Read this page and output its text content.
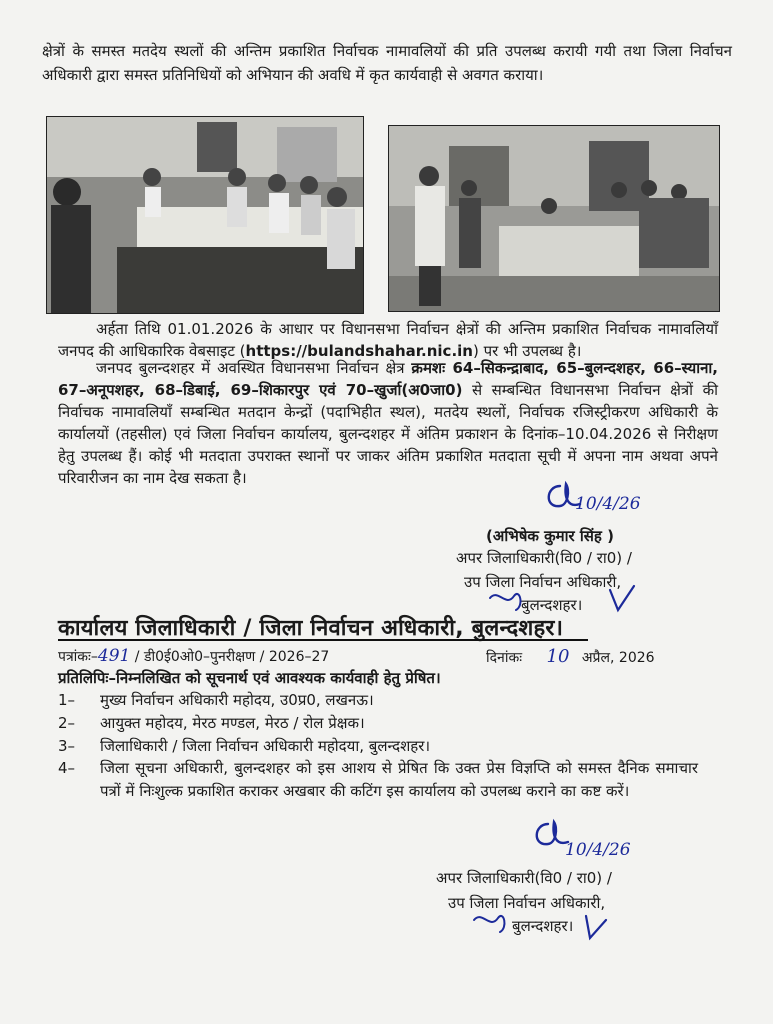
क्षेत्रों के समस्त मतदेय स्थलों की अन्तिम प्रकाशित निर्वाचक नामावलियों की प्रति उपलब्ध करायी गयी तथा जिला निर्वाचन अधिकारी द्वारा समस्त प्रतिनिधियों को अभियान की अवधि में कृत कार्यवाही से अवगत कराया।

अर्हता तिथि 01.01.2026 के आधार पर विधानसभा निर्वाचन क्षेत्रों की अन्तिम प्रकाशित निर्वाचक नामावलियाँ जनपद की आधिकारिक वेबसाइट (https://bulandshahar.nic.in) पर भी उपलब्ध है।

जनपद बुलन्दशहर में अवस्थित विधानसभा निर्वाचन क्षेत्र क्रमशः 64–सिकन्द्राबाद, 65–बुलन्दशहर, 66–स्याना, 67–अनूपशहर, 68–डिबाई, 69–शिकारपुर एवं 70–खुर्जा(अ0जा0) से सम्बन्धित विधानसभा निर्वाचन क्षेत्रों की निर्वाचक नामावलियाँ सम्बन्धित मतदान केन्द्रों (पदाभिहीत स्थल), मतदेय स्थलों, निर्वाचक रजिस्ट्रीकरण अधिकारी के कार्यालयों (तहसील) एवं जिला निर्वाचन कार्यालय, बुलन्दशहर में अंतिम प्रकाशन के दिनांक–10.04.2026 से निरीक्षण हेतु उपलब्ध हैं। कोई भी मतदाता उपराक्त स्थानों पर जाकर अंतिम प्रकाशित मतदाता सूची में अपना नाम अथवा अपने परिवारीजन का नाम देख सकता है।

10/4/26
(अभिषेक कुमार सिंह )
अपर जिलाधिकारी(वि0 / रा0) /
उप जिला निर्वाचन अधिकारी,
बुलन्दशहर।
कार्यालय जिलाधिकारी / जिला निर्वाचन अधिकारी, बुलन्दशहर।
पत्रांकः–491 / डी0ई0ओ0–पुनरीक्षण / 2026–27	दिनांकः 10 अप्रैल, 2026
प्रतिलिपिः–निम्नलिखित को सूचनार्थ एवं आवश्यक कार्यवाही हेतु प्रेषित।
1–	मुख्य निर्वाचन अधिकारी महोदय, उ0प्र0, लखनऊ।
2–	आयुक्त महोदय, मेरठ मण्डल, मेरठ / रोल प्रेक्षक।
3–	जिलाधिकारी / जिला निर्वाचन अधिकारी महोदया, बुलन्दशहर।
4–	जिला सूचना अधिकारी, बुलन्दशहर को इस आशय से प्रेषित कि उक्त प्रेस विज्ञप्ति को समस्त दैनिक समाचार पत्रों में निःशुल्क प्रकाशित कराकर अखबार की कटिंग इस कार्यालय को उपलब्ध कराने का कष्ट करें।
10/4/26
अपर जिलाधिकारी(वि0 / रा0) /
उप जिला निर्वाचन अधिकारी,
बुलन्दशहर।
